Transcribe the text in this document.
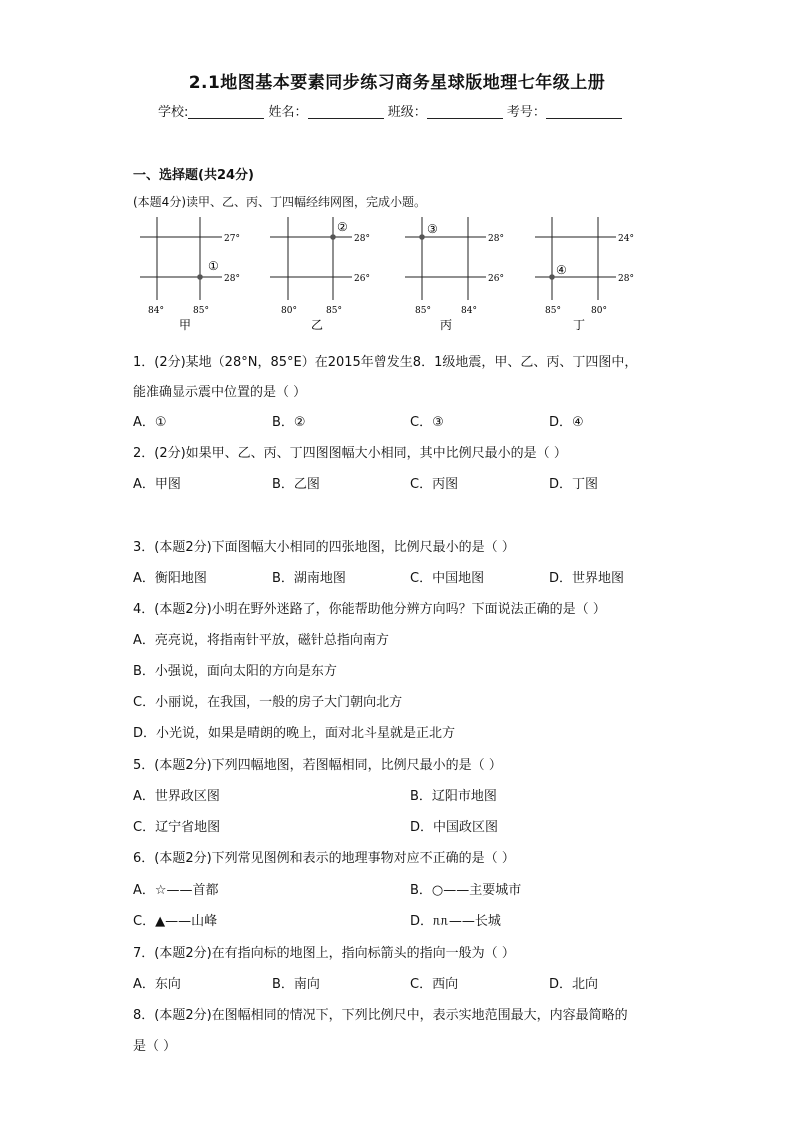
2.1地图基本要素同步练习商务星球版地理七年级上册
学校:	姓名：	班级：	考号：
一、选择题(共24分)
(本题4分)读甲、乙、丙、丁四幅经纬网图，完成小题。
①
27°
28°
84°	85°
甲
②
28°
26°
80°	85°
乙
③
28°
26°
85°	84°
丙
④
24°
28°
85°	80°
丁
1．(2分)某地（28°N，85°E）在2015年曾发生8．1级地震，甲、乙、丙、丁四图中，
能准确显示震中位置的是（ ）
A．①	B．②	C．③	D．④
2．(2分)如果甲、乙、丙、丁四图图幅大小相同，其中比例尺最小的是（ ）
A．甲图	B．乙图	C．丙图	D．丁图
3．(本题2分)下面图幅大小相同的四张地图，比例尺最小的是（ ）
A．衡阳地图	B．湖南地图	C．中国地图	D．世界地图
4．(本题2分)小明在野外迷路了，你能帮助他分辨方向吗？下面说法正确的是（ ）
A．亮亮说，将指南针平放，磁针总指向南方
B．小强说，面向太阳的方向是东方
C．小丽说，在我国，一般的房子大门朝向北方
D．小光说，如果是晴朗的晚上，面对北斗星就是正北方
5．(本题2分)下列四幅地图，若图幅相同，比例尺最小的是（ ）
A．世界政区图	B．辽阳市地图
C．辽宁省地图	D．中国政区图
6．(本题2分)下列常见图例和表示的地理事物对应不正确的是（ ）
A．☆——首都	B．○——主要城市
C．▲——山峰	D．ᥰᥰ——长城
7．(本题2分)在有指向标的地图上，指向标箭头的指向一般为（ ）
A．东向	B．南向	C．西向	D．北向
8．(本题2分)在图幅相同的情况下，下列比例尺中，表示实地范围最大，内容最简略的
是（ ）
